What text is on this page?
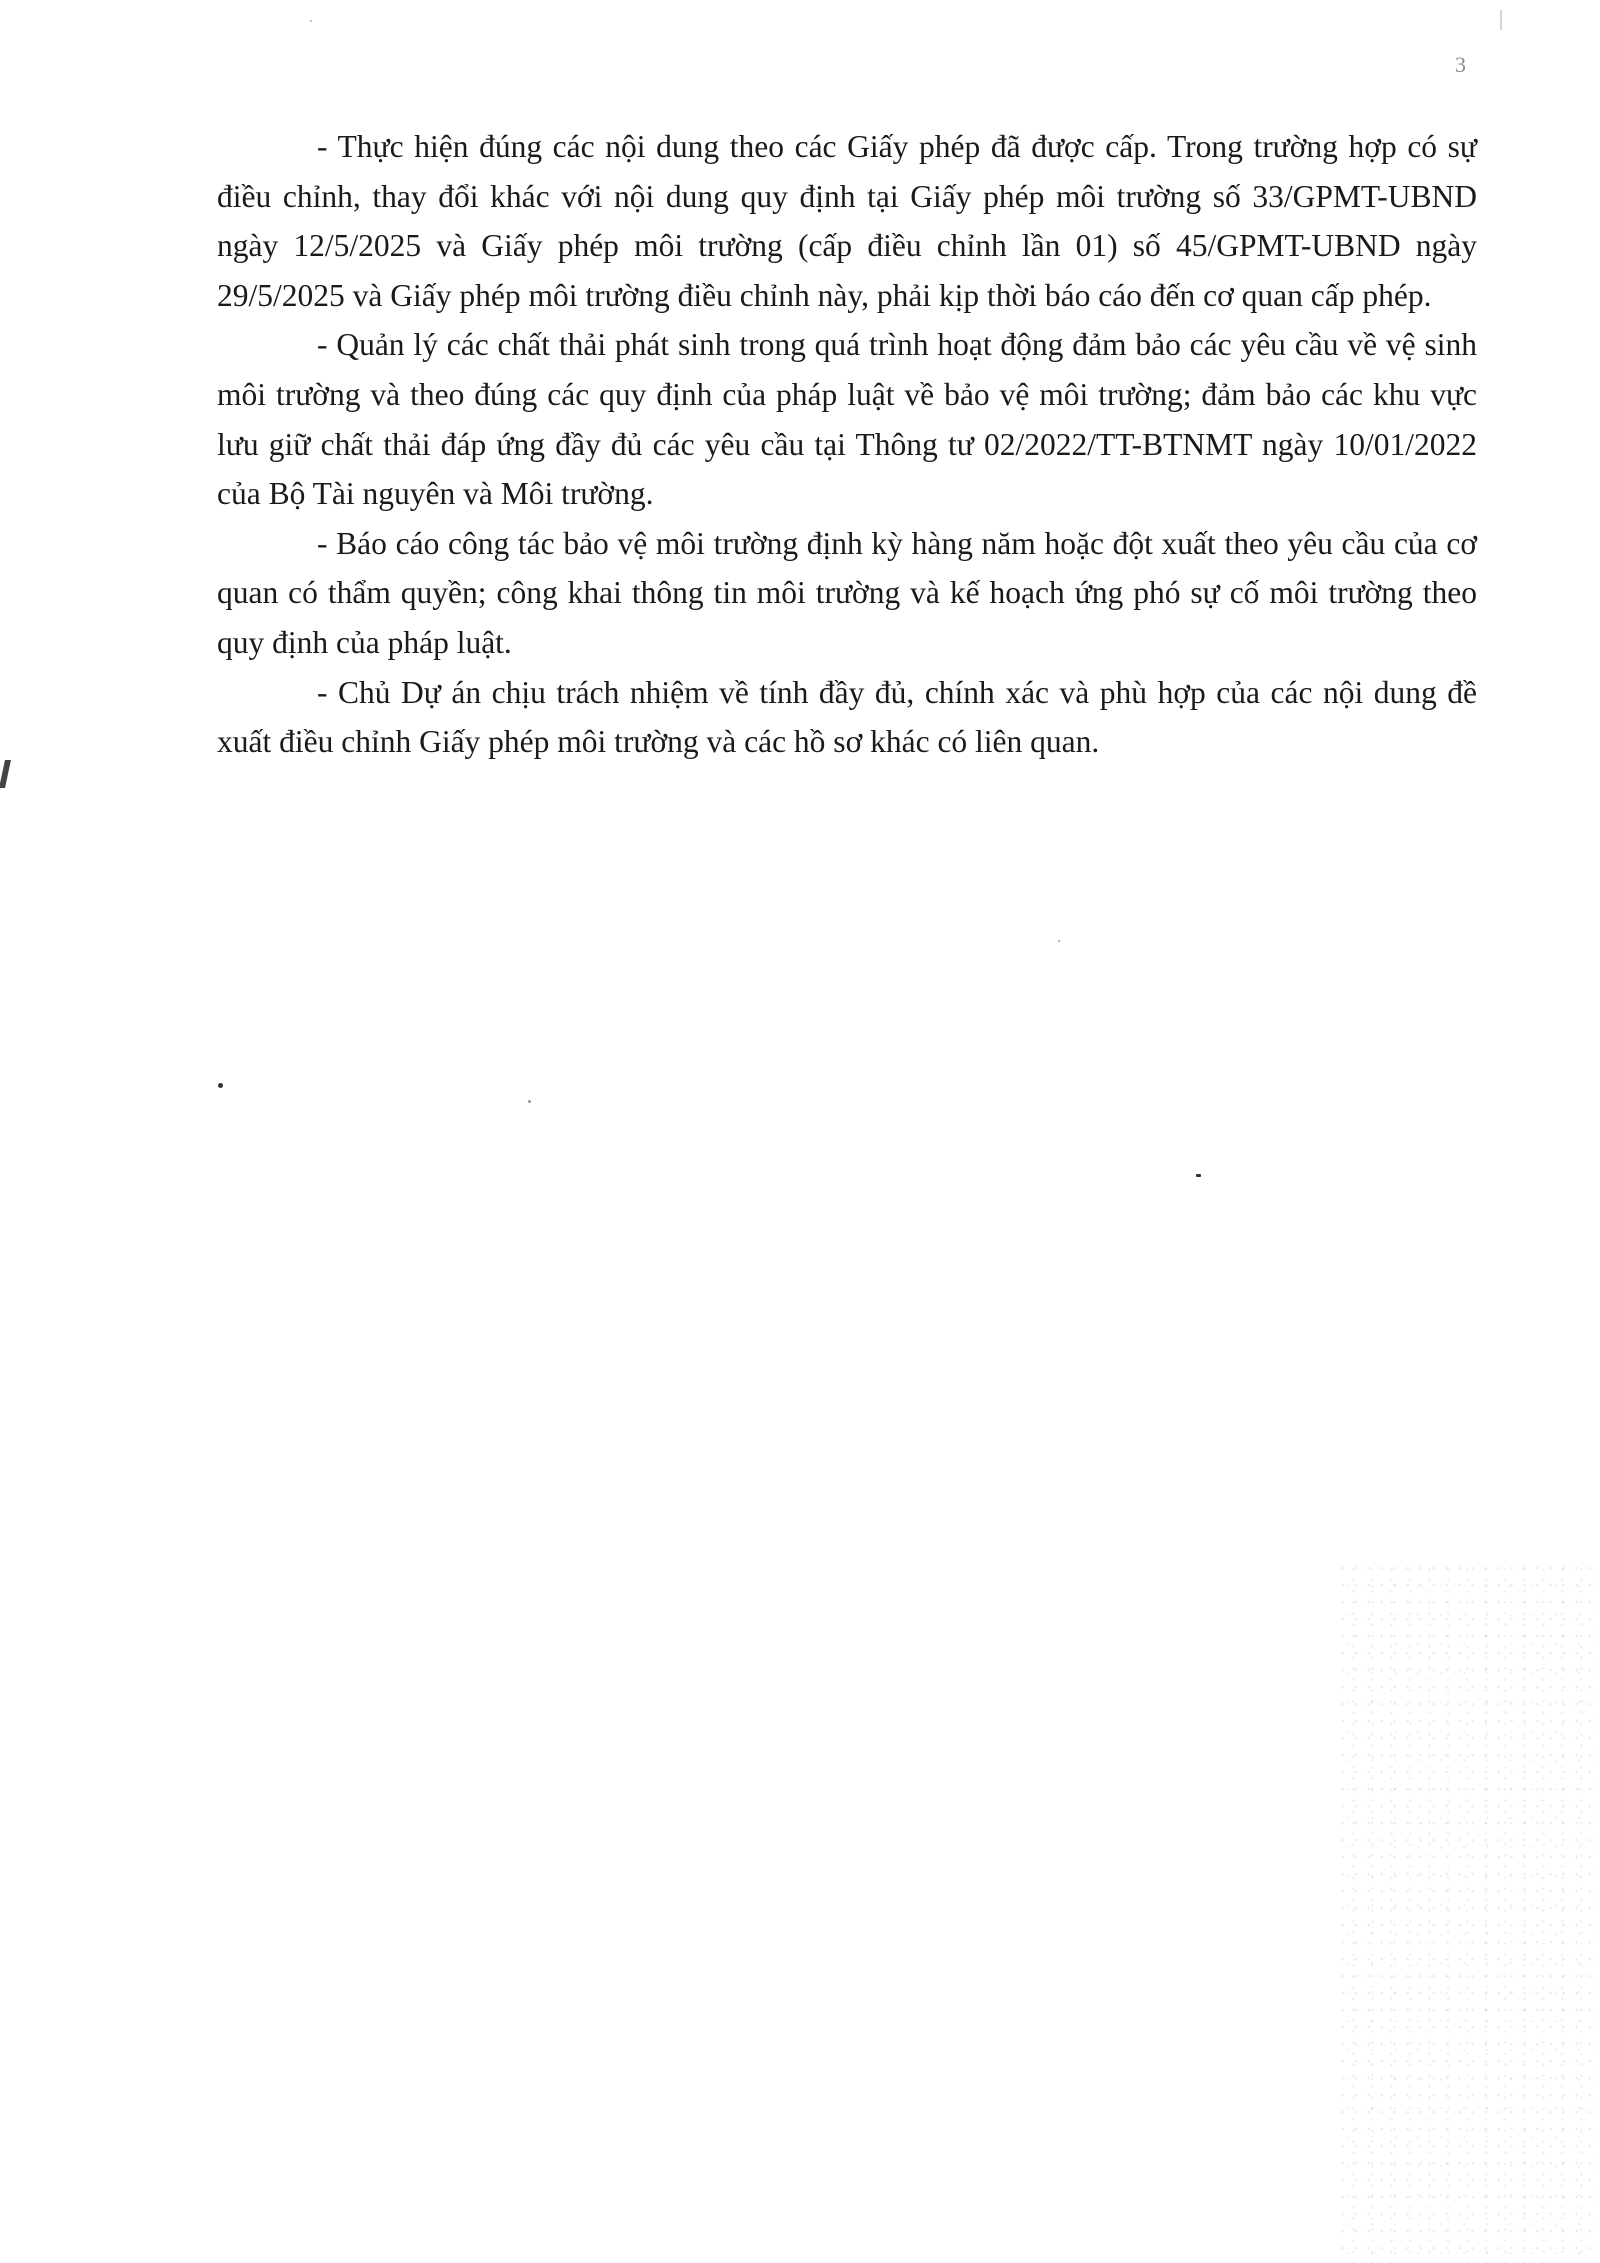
3

- Thực hiện đúng các nội dung theo các Giấy phép đã được cấp. Trong trường hợp có sự điều chỉnh, thay đổi khác với nội dung quy định tại Giấy phép môi trường số 33/GPMT-UBND ngày 12/5/2025 và Giấy phép môi trường (cấp điều chỉnh lần 01) số 45/GPMT-UBND ngày 29/5/2025 và Giấy phép môi trường điều chỉnh này, phải kịp thời báo cáo đến cơ quan cấp phép.

- Quản lý các chất thải phát sinh trong quá trình hoạt động đảm bảo các yêu cầu về vệ sinh môi trường và theo đúng các quy định của pháp luật về bảo vệ môi trường; đảm bảo các khu vực lưu giữ chất thải đáp ứng đầy đủ các yêu cầu tại Thông tư 02/2022/TT-BTNMT ngày 10/01/2022 của Bộ Tài nguyên và Môi trường.

- Báo cáo công tác bảo vệ môi trường định kỳ hàng năm hoặc đột xuất theo yêu cầu của cơ quan có thẩm quyền; công khai thông tin môi trường và kế hoạch ứng phó sự cố môi trường theo quy định của pháp luật.

- Chủ Dự án chịu trách nhiệm về tính đầy đủ, chính xác và phù hợp của các nội dung đề xuất điều chỉnh Giấy phép môi trường và các hồ sơ khác có liên quan.
